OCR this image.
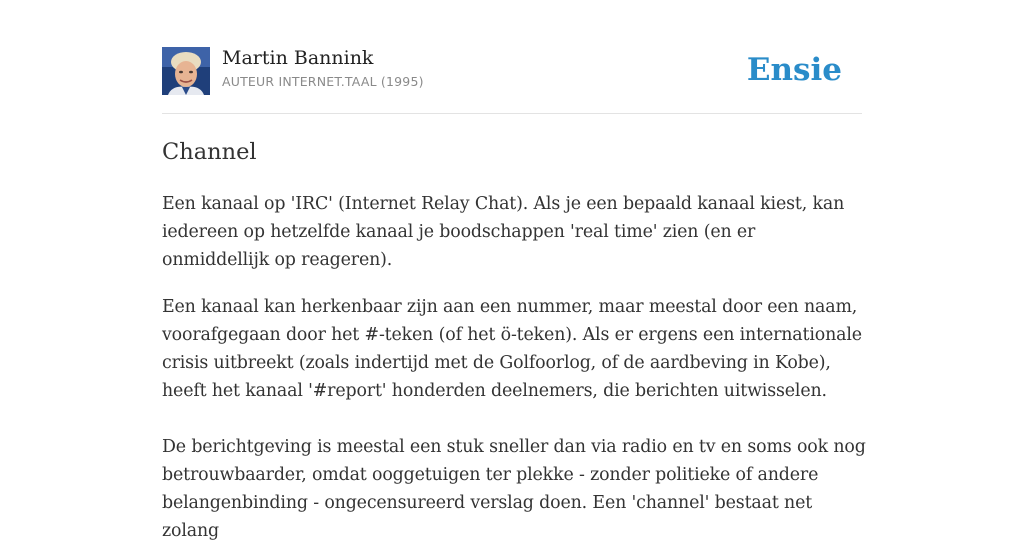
Martin Bannink
AUTEUR INTERNET.TAAL (1995)	Ensie
Channel

Een kanaal op 'IRC' (Internet Relay Chat). Als je een bepaald kanaal kiest, kan iedereen op hetzelfde kanaal je boodschappen 'real time' zien (en er onmiddellijk op reageren).

Een kanaal kan herkenbaar zijn aan een nummer, maar meestal door een naam, voorafgegaan door het #-teken (of het ö-teken). Als er ergens een internationale crisis uitbreekt (zoals indertijd met de Golfoorlog, of de aardbeving in Kobe), heeft het kanaal '#report' honderden deelnemers, die berichten uitwisselen.

De berichtgeving is meestal een stuk sneller dan via radio en tv en soms ook nog betrouwbaarder, omdat ooggetuigen ter plekke - zonder politieke of andere belangenbinding - ongecensureerd verslag doen. Een 'channel' bestaat net zolang
